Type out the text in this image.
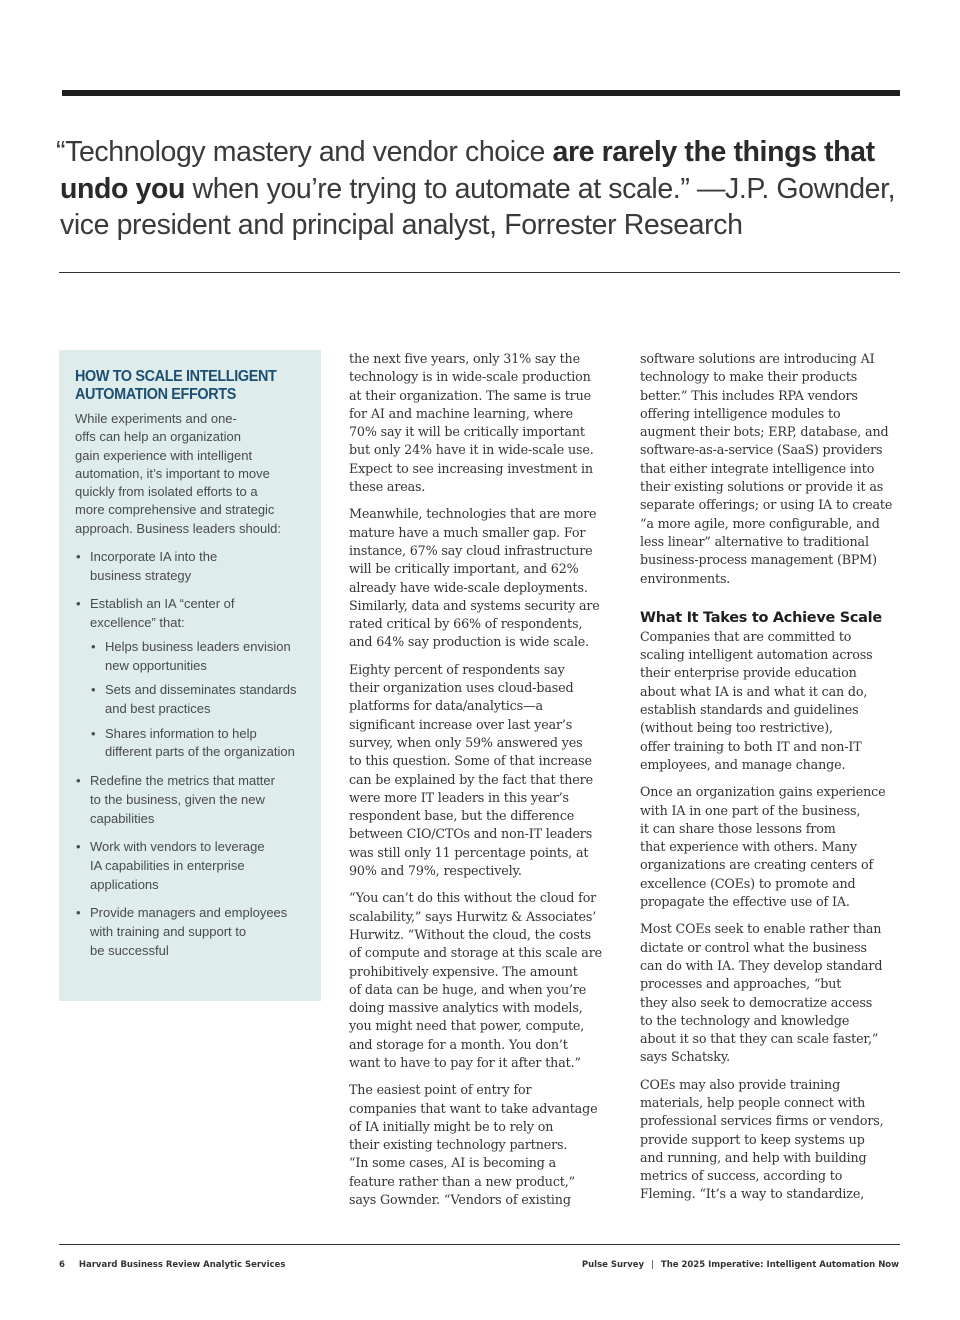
“Technology mastery and vendor choice are rarely the things that
undo you when you’re trying to automate at scale.” —J.P. Gownder,
vice president and principal analyst, Forrester Research
HOW TO SCALE INTELLIGENT
AUTOMATION EFFORTS

While experiments and one-
offs can help an organization
gain experience with intelligent
automation, it’s important to move
quickly from isolated efforts to a
more comprehensive and strategic
approach. Business leaders should:

• Incorporate IA into the
business strategy
• Establish an IA “center of
excellence” that:
• Helps business leaders envision
new opportunities
• Sets and disseminates standards
and best practices
• Shares information to help
different parts of the organization
• Redefine the metrics that matter
to the business, given the new
capabilities
• Work with vendors to leverage
IA capabilities in enterprise
applications
• Provide managers and employees
with training and support to
be successful

the next five years, only 31% say the
technology is in wide-scale production
at their organization. The same is true
for AI and machine learning, where
70% say it will be critically important
but only 24% have it in wide-scale use.
Expect to see increasing investment in
these areas.

Meanwhile, technologies that are more
mature have a much smaller gap. For
instance, 67% say cloud infrastructure
will be critically important, and 62%
already have wide-scale deployments.
Similarly, data and systems security are
rated critical by 66% of respondents,
and 64% say production is wide scale.

Eighty percent of respondents say
their organization uses cloud-based
platforms for data/analytics—a
significant increase over last year’s
survey, when only 59% answered yes
to this question. Some of that increase
can be explained by the fact that there
were more IT leaders in this year’s
respondent base, but the difference
between CIO/CTOs and non-IT leaders
was still only 11 percentage points, at
90% and 79%, respectively.

“You can’t do this without the cloud for
scalability,” says Hurwitz & Associates’
Hurwitz. “Without the cloud, the costs
of compute and storage at this scale are
prohibitively expensive. The amount
of data can be huge, and when you’re
doing massive analytics with models,
you might need that power, compute,
and storage for a month. You don’t
want to have to pay for it after that.”

The easiest point of entry for
companies that want to take advantage
of IA initially might be to rely on
their existing technology partners.
“In some cases, AI is becoming a
feature rather than a new product,”
says Gownder. “Vendors of existing

software solutions are introducing AI
technology to make their products
better.” This includes RPA vendors
offering intelligence modules to
augment their bots; ERP, database, and
software-as-a-service (SaaS) providers
that either integrate intelligence into
their existing solutions or provide it as
separate offerings; or using IA to create
“a more agile, more configurable, and
less linear” alternative to traditional
business-process management (BPM)
environments.

What It Takes to Achieve Scale

Companies that are committed to
scaling intelligent automation across
their enterprise provide education
about what IA is and what it can do,
establish standards and guidelines
(without being too restrictive),
offer training to both IT and non-IT
employees, and manage change.

Once an organization gains experience
with IA in one part of the business,
it can share those lessons from
that experience with others. Many
organizations are creating centers of
excellence (COEs) to promote and
propagate the effective use of IA.

Most COEs seek to enable rather than
dictate or control what the business
can do with IA. They develop standard
processes and approaches, “but
they also seek to democratize access
to the technology and knowledge
about it so that they can scale faster,”
says Schatsky.

COEs may also provide training
materials, help people connect with
professional services firms or vendors,
provide support to keep systems up
and running, and help with building
metrics of success, according to
Fleming. “It’s a way to standardize,

6 Harvard Business Review Analytic Services	Pulse Survey | The 2025 Imperative: Intelligent Automation Now
